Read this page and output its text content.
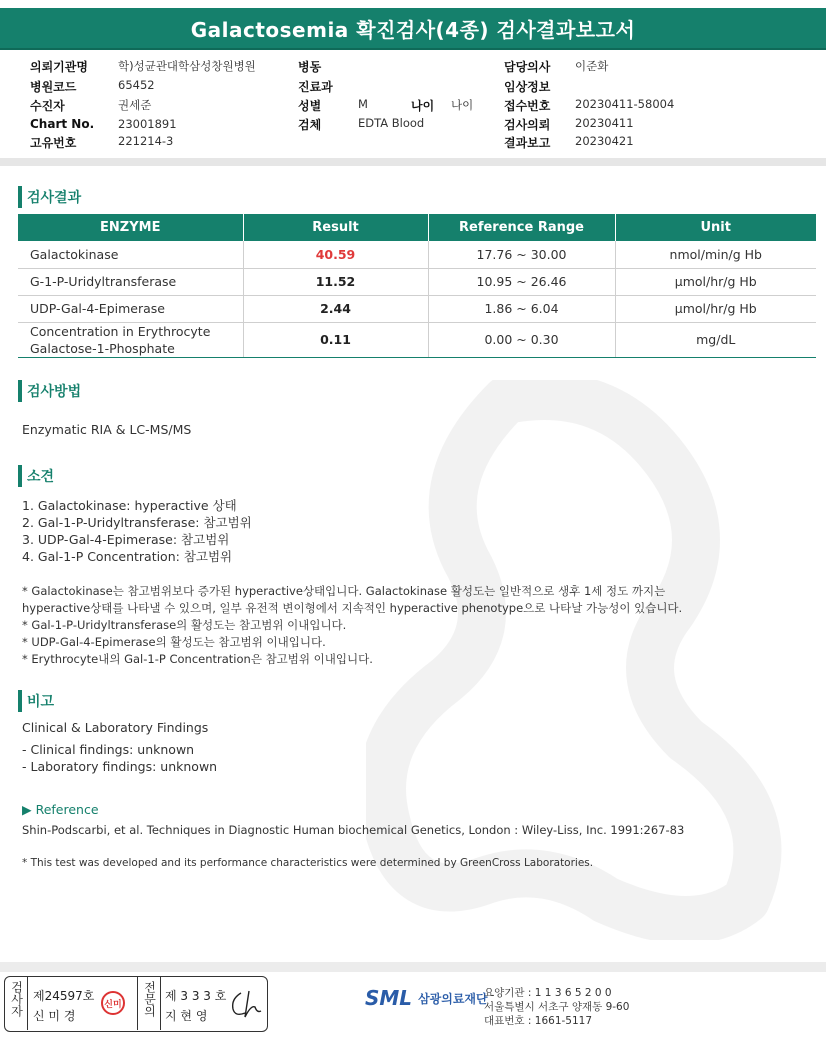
Galactosemia 확진검사(4종) 검사결과보고서
의뢰기관명	학)성균관대학삼성창원병원
병원코드	65452
수진자	권세준
Chart No. 23001891
고유번호	221214-3
병동
진료과
성별	M	나이 나이
검체	EDTA Blood
담당의사 이준화
임상정보
접수번호 20230411-58004
검사의뢰 20230411
결과보고 20230421
검사결과
ENZYME	Result	Reference Range	Unit
Galactokinase	40.59	17.76 ~ 30.00	nmol/min/g Hb
G-1-P-Uridyltransferase	11.52	10.95 ~ 26.46	μmol/hr/g Hb
UDP-Gal-4-Epimerase	2.44	1.86 ~ 6.04	μmol/hr/g Hb

Concentration in Erythrocyte
Galactose-1-Phosphate	0.11	0.00 ~ 0.30	mg/dL
검사방법
Enzymatic RIA & LC-MS/MS
소견
1. Galactokinase: hyperactive 상태
2. Gal-1-P-Uridyltransferase: 참고범위
3. UDP-Gal-4-Epimerase: 참고범위
4. Gal-1-P Concentration: 참고범위
* Galactokinase는 참고범위보다 증가된 hyperactive상태입니다. Galactokinase 활성도는 일반적으로 생후 1세 정도 까지는
hyperactive상태를 나타낼 수 있으며, 일부 유전적 변이형에서 지속적인 hyperactive phenotype으로 나타날 가능성이 있습니다.
* Gal-1-P-Uridyltransferase의 활성도는 참고범위 이내입니다.
* UDP-Gal-4-Epimerase의 활성도는 참고범위 이내입니다.
* Erythrocyte내의 Gal-1-P Concentration은 참고범위 이내입니다.
비고
Clinical & Laboratory Findings
- Clinical findings: unknown
- Laboratory findings: unknown
▶ Reference
Shin-Podscarbi, et al. Techniques in Diagnostic Human biochemical Genetics, London : Wiley-Liss, Inc. 1991:267-83
* This test was developed and its performance characteristics were determined by GreenCross Laboratories.
검사자 제24597호
신 미 경
신미 전문의 제 3 3 3 호
지 현 영
SML 삼광의료재단
요양기관 : 1 1 3 6 5 2 0 0
서울특별시 서초구 양재동 9-60
대표번호 : 1661-5117
